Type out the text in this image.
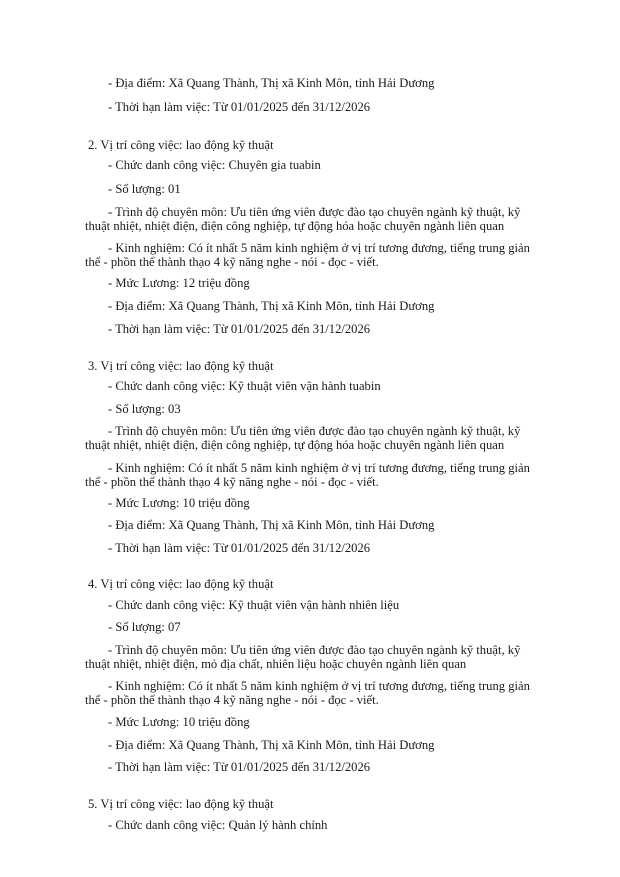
- Địa điểm: Xã Quang Thành, Thị xã Kinh Môn, tỉnh Hải Dương
- Thời hạn làm việc: Từ 01/01/2025 đến 31/12/2026
2. Vị trí công việc: lao động kỹ thuật
- Chức danh công việc: Chuyên gia tuabin
- Số lượng: 01
- Trình độ chuyên môn: Ưu tiên ứng viên được đào tạo chuyên ngành kỹ thuật, kỹ
thuật nhiệt, nhiệt điện, điện công nghiệp, tự động hóa hoặc chuyên ngành liên quan
- Kinh nghiệm: Có ít nhất 5 năm kinh nghiệm ở vị trí tương đương, tiếng trung giản
thể - phồn thể thành thạo 4 kỹ năng nghe - nói - đọc - viết.
- Mức Lương: 12 triệu đồng
- Địa điểm: Xã Quang Thành, Thị xã Kinh Môn, tỉnh Hải Dương
- Thời hạn làm việc: Từ 01/01/2025 đến 31/12/2026
3. Vị trí công việc: lao động kỹ thuật
- Chức danh công việc: Kỹ thuật viên vận hành tuabin
- Số lượng: 03
- Trình độ chuyên môn: Ưu tiên ứng viên được đào tạo chuyên ngành kỹ thuật, kỹ
thuật nhiệt, nhiệt điện, điện công nghiệp, tự động hóa hoặc chuyên ngành liên quan
- Kinh nghiệm: Có ít nhất 5 năm kinh nghiệm ở vị trí tương đương, tiếng trung giản
thể - phồn thể thành thạo 4 kỹ năng nghe - nói - đọc - viết.
- Mức Lương: 10 triệu đồng
- Địa điểm: Xã Quang Thành, Thị xã Kinh Môn, tỉnh Hải Dương
- Thời hạn làm việc: Từ 01/01/2025 đến 31/12/2026
4. Vị trí công việc: lao động kỹ thuật
- Chức danh công việc: Kỹ thuật viên vận hành nhiên liệu
- Số lượng: 07
- Trình độ chuyên môn: Ưu tiên ứng viên được đào tạo chuyên ngành kỹ thuật, kỹ
thuật nhiệt, nhiệt điện, mỏ địa chất, nhiên liệu hoặc chuyên ngành liên quan
- Kinh nghiệm: Có ít nhất 5 năm kinh nghiệm ở vị trí tương đương, tiếng trung giản
thể - phồn thể thành thạo 4 kỹ năng nghe - nói - đọc - viết.
- Mức Lương: 10 triệu đồng
- Địa điểm: Xã Quang Thành, Thị xã Kinh Môn, tỉnh Hải Dương
- Thời hạn làm việc: Từ 01/01/2025 đến 31/12/2026
5. Vị trí công việc: lao động kỹ thuật
- Chức danh công việc: Quản lý hành chính
